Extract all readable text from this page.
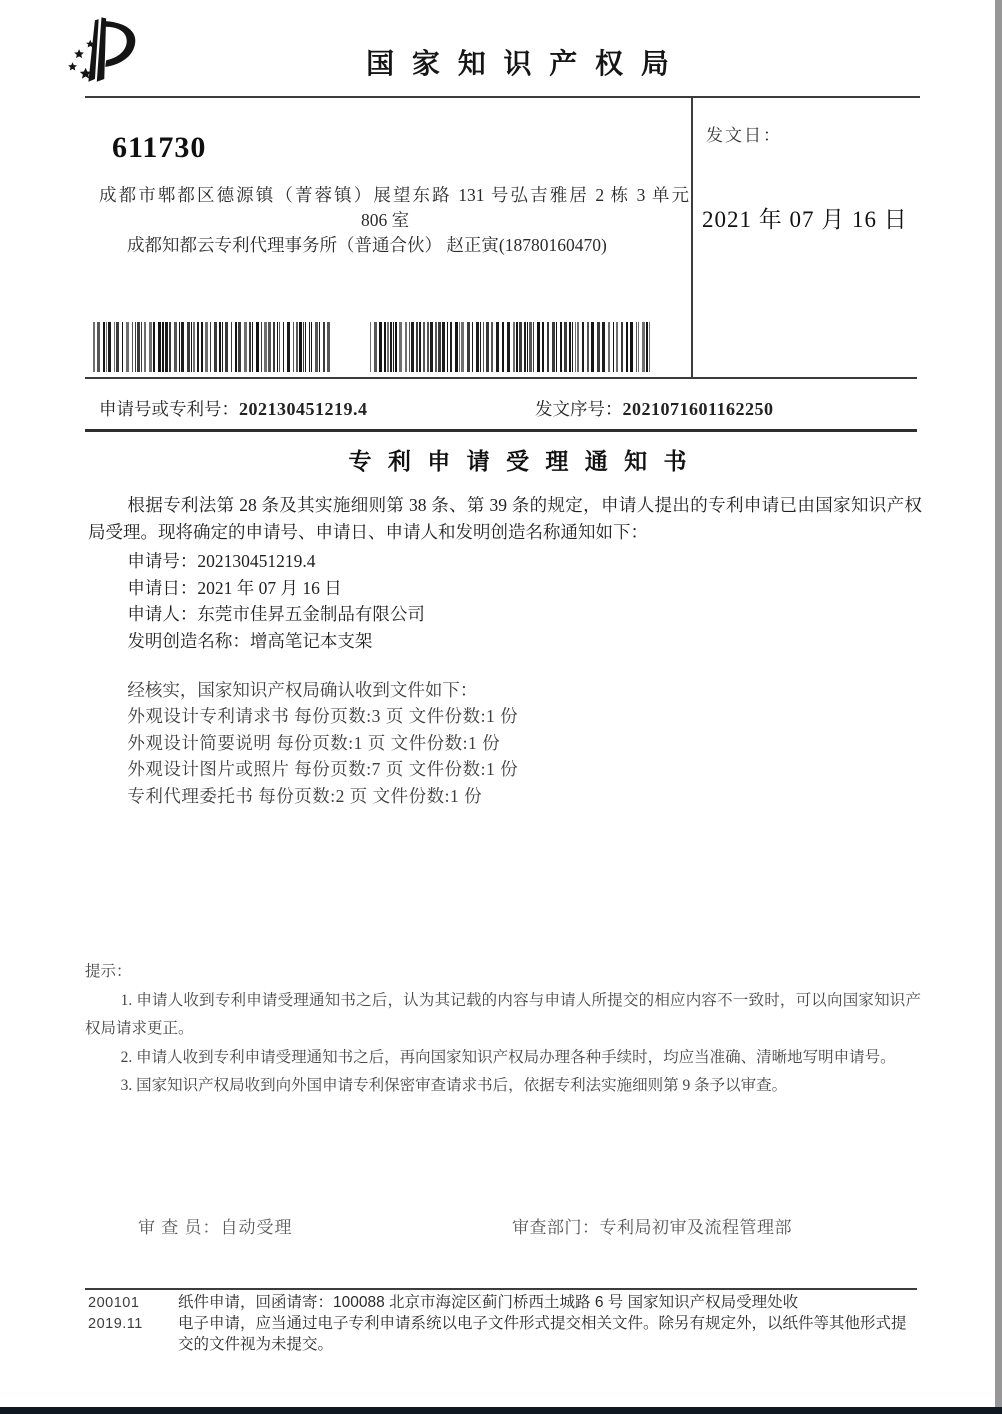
国 家 知 识 产 权 局
发文日：
2021 年 07 月 16 日
611730
成都市郫都区德源镇（菁蓉镇）展望东路 131 号弘吉雅居 2 栋 3 单元
806 室
成都知都云专利代理事务所（普通合伙） 赵正寅(18780160470)
申请号或专利号：202130451219.4	发文序号：2021071601162250
专 利 申 请 受 理 通 知 书

根据专利法第 28 条及其实施细则第 38 条、第 39 条的规定，申请人提出的专利申请已由国家知识产权局受理。现将确定的申请号、申请日、申请人和发明创造名称通知如下：

申请号：202130451219.4
申请日：2021 年 07 月 16 日
申请人：东莞市佳昇五金制品有限公司
发明创造名称：增高笔记本支架
经核实，国家知识产权局确认收到文件如下：
外观设计专利请求书 每份页数:3 页 文件份数:1 份
外观设计简要说明 每份页数:1 页 文件份数:1 份
外观设计图片或照片 每份页数:7 页 文件份数:1 份
专利代理委托书 每份页数:2 页 文件份数:1 份
提示：

1. 申请人收到专利申请受理通知书之后，认为其记载的内容与申请人所提交的相应内容不一致时，可以向国家知识产权局请求更正。

2. 申请人收到专利申请受理通知书之后，再向国家知识产权局办理各种手续时，均应当准确、清晰地写明申请号。

3. 国家知识产权局收到向外国申请专利保密审查请求书后，依据专利法实施细则第 9 条予以审查。

审 查 员：自动受理	审查部门：专利局初审及流程管理部
200101
2019.11
纸件申请，回函请寄：100088 北京市海淀区蓟门桥西土城路 6 号 国家知识产权局受理处收
电子申请，应当通过电子专利申请系统以电子文件形式提交相关文件。除另有规定外，以纸件等其他形式提交的文件视为未提交。
